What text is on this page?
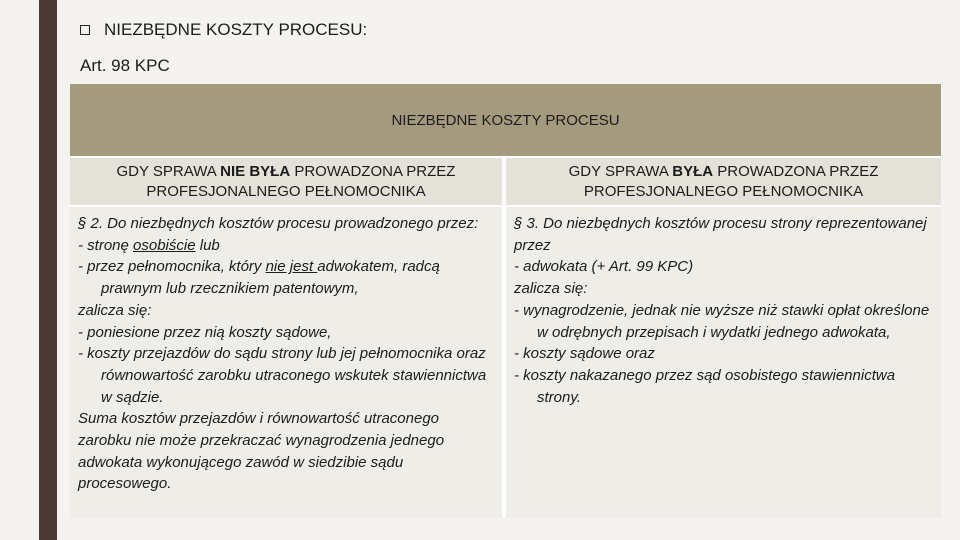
NIEZBĘDNE KOSZTY PROCESU :
Art. 98 KPC
NIEZBĘDNE KOSZTY PROCESU
GDY SPRAWA NIE BYŁA PROWADZONA PRZEZ PROFESJONALNEGO PEŁNOMOCNIKA
GDY SPRAWA BYŁA PROWADZONA PRZEZ PROFESJONALNEGO PEŁNOMOCNIKA

§ 2. Do niezbędnych kosztów procesu prowadzonego przez:

- stronę osobiście lub

- przez pełnomocnika, który nie jest adwokatem, radcą prawnym lub rzecznikiem patentowym,

zalicza się:

- poniesione przez nią koszty sądowe,

- koszty przejazdów do sądu strony lub jej pełnomocnika oraz równowartość zarobku utraconego wskutek stawiennictwa w sądzie.

Suma kosztów przejazdów i równowartość utraconego zarobku nie może przekraczać wynagrodzenia jednego adwokata wykonującego zawód w siedzibie sądu procesowego.

§ 3. Do niezbędnych kosztów procesu strony reprezentowanej przez

- adwokata (+ Art. 99 KPC)

zalicza się:

- wynagrodzenie, jednak nie wyższe niż stawki opłat określone w odrębnych przepisach i wydatki jednego adwokata,

- koszty sądowe oraz

- koszty nakazanego przez sąd osobistego stawiennictwa strony.
